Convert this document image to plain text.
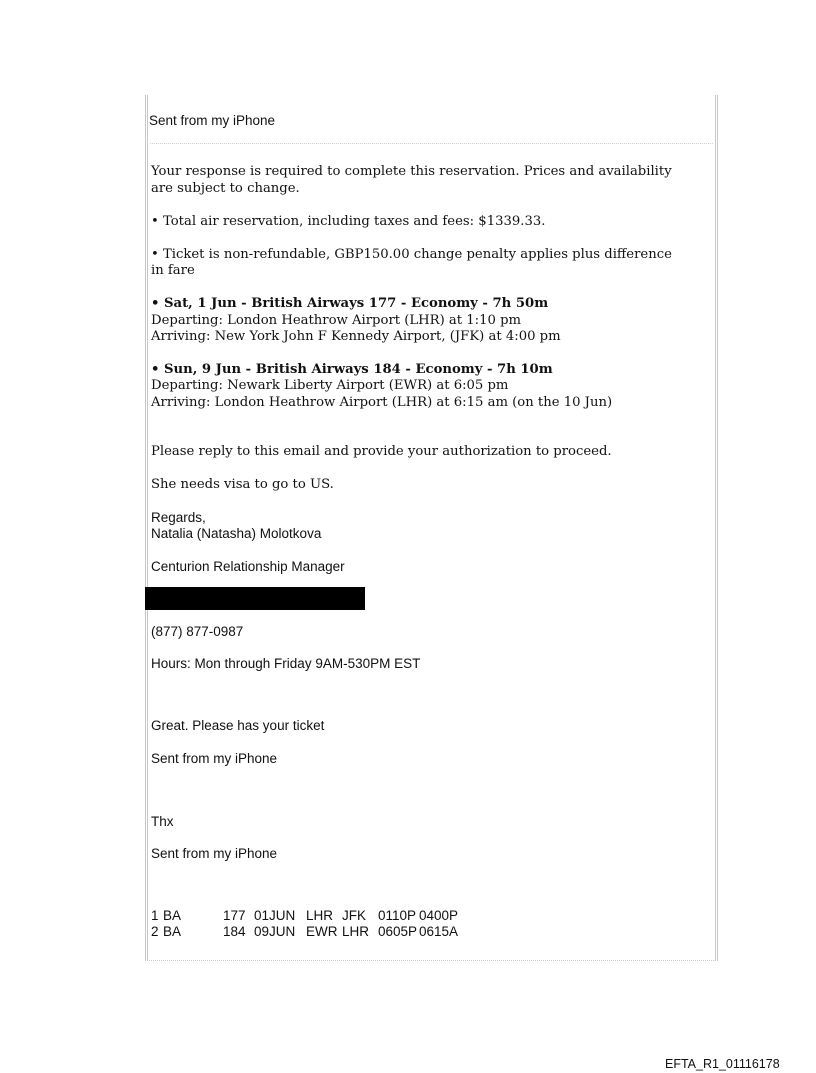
Sent from my iPhone
Your response is required to complete this reservation. Prices and availability
are subject to change.
• Total air reservation, including taxes and fees: $1339.33.
• Ticket is non-refundable, GBP150.00 change penalty applies plus difference
in fare
• Sat, 1 Jun - British Airways 177 - Economy - 7h 50m
Departing: London Heathrow Airport (LHR) at 1:10 pm
Arriving: New York John F Kennedy Airport, (JFK) at 4:00 pm
• Sun, 9 Jun - British Airways 184 - Economy - 7h 10m
Departing: Newark Liberty Airport (EWR) at 6:05 pm
Arriving: London Heathrow Airport (LHR) at 6:15 am (on the 10 Jun)
Please reply to this email and provide your authorization to proceed.
She needs visa to go to US.
Regards,
Natalia (Natasha) Molotkova
Centurion Relationship Manager
(877) 877-0987
Hours: Mon through Friday 9AM-530PM EST
Great. Please has your ticket
Sent from my iPhone
Thx
Sent from my iPhone
1 BA	177 01JUN LHR JFK 0110P 0400P
2 BA	184 09JUN EWR LHR 0605P 0615A
EFTA_R1_01116178
